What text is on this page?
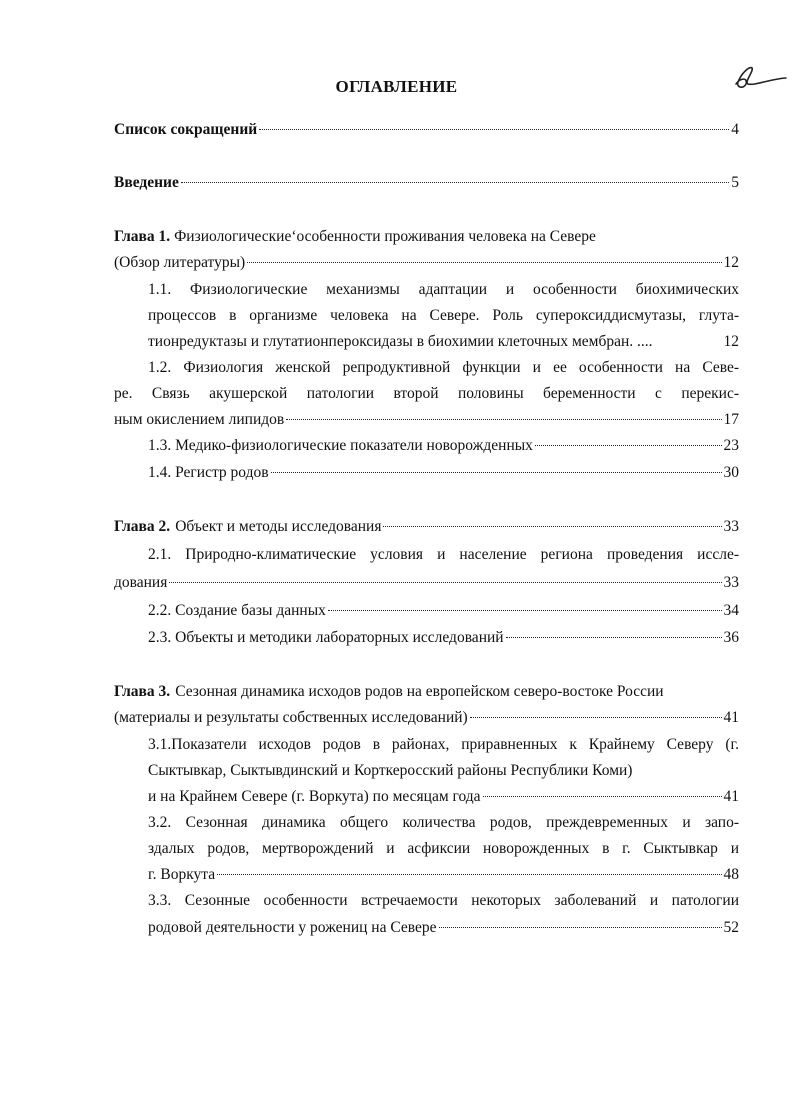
ОГЛАВЛЕНИЕ
Список сокращений	4
Введение	5
Глава 1. Физиологические‘особенности проживания человека на Севере
(Обзор литературы)	12
1.1. Физиологические механизмы адаптации и особенности биохимических
процессов в организме человека на Севере. Роль супероксиддисмутазы, глута-
тионредуктазы и глутатионпероксидазы в биохимии клеточных мембран. ....	12
1.2. Физиология женской репродуктивной функции и ее особенности на Севе-
ре. Связь акушерской патологии второй половины беременности с перекис-
ным окислением липидов	17
1.3. Медико-физиологические показатели новорожденных	23
1.4. Регистр родов	30
Глава 2. Объект и методы исследования	33
2.1. Природно-климатические условия и население региона проведения иссле-
дования	33
2.2. Создание базы данных	34
2.3. Объекты и методики лабораторных исследований	36
Глава 3. Сезонная динамика исходов родов на европейском северо-востоке России
(материалы и результаты собственных исследований)	41
3.1.Показатели исходов родов в районах, приравненных к Крайнему Северу (г.
Сыктывкар, Сыктывдинский и Корткеросский районы Республики Коми)
и на Крайнем Севере (г. Воркута) по месяцам года	41
3.2. Сезонная динамика общего количества родов, преждевременных и запо-
здалых родов, мертворождений и асфиксии новорожденных в г. Сыктывкар и
г. Воркута	48
3.3. Сезонные особенности встречаемости некоторых заболеваний и патологии
родовой деятельности у рожениц на Севере	52
